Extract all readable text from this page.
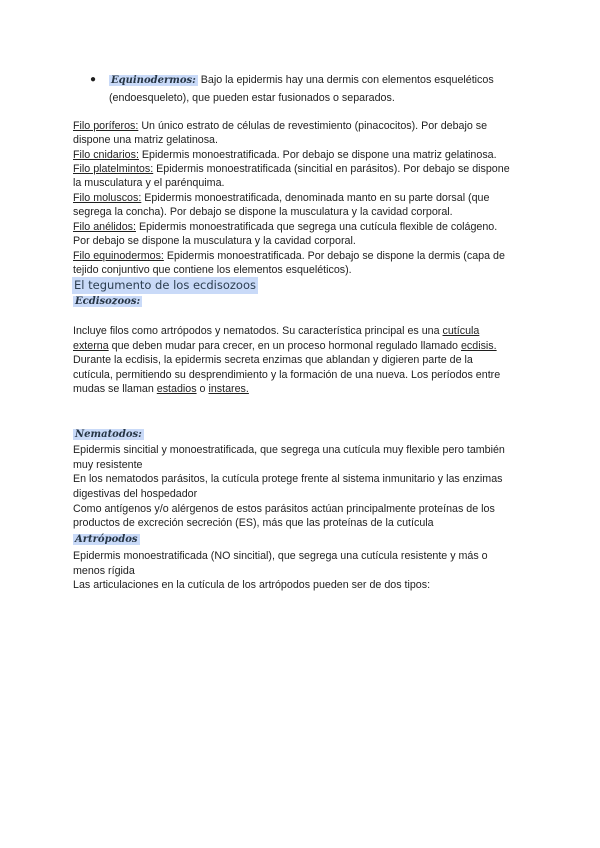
● Equinodermos: Bajo la epidermis hay una dermis con elementos esqueléticos
(endoesqueleto), que pueden estar fusionados o separados.
Filo poríferos: Un único estrato de células de revestimiento (pinacocitos). Por debajo se
dispone una matriz gelatinosa.
Filo cnidarios: Epidermis monoestratificada. Por debajo se dispone una matriz gelatinosa.
Filo platelmintos: Epidermis monoestratificada (sincitial en parásitos). Por debajo se dispone
la musculatura y el parénquima.
Filo moluscos: Epidermis monoestratificada, denominada manto en su parte dorsal (que
segrega la concha). Por debajo se dispone la musculatura y la cavidad corporal.
Filo anélidos: Epidermis monoestratificada que segrega una cutícula flexible de colágeno.
Por debajo se dispone la musculatura y la cavidad corporal.
Filo equinodermos: Epidermis monoestratificada. Por debajo se dispone la dermis (capa de
tejido conjuntivo que contiene los elementos esqueléticos).
El tegumento de los ecdisozoos
Ecdisozoos:
Incluye filos como artrópodos y nematodos. Su característica principal es una cutícula
externa que deben mudar para crecer, en un proceso hormonal regulado llamado ecdisis.
Durante la ecdisis, la epidermis secreta enzimas que ablandan y digieren parte de la
cutícula, permitiendo su desprendimiento y la formación de una nueva. Los períodos entre
mudas se llaman estadios o instares.
Nematodos:
Epidermis sincitial y monoestratificada, que segrega una cutícula muy flexible pero también
muy resistente
En los nematodos parásitos, la cutícula protege frente al sistema inmunitario y las enzimas
digestivas del hospedador
Como antígenos y/o alérgenos de estos parásitos actúan principalmente proteínas de los
productos de excreción secreción (ES), más que las proteínas de la cutícula
Artrópodos
Epidermis monoestratificada (NO sincitial), que segrega una cutícula resistente y más o
menos rígida
Las articulaciones en la cutícula de los artrópodos pueden ser de dos tipos:
